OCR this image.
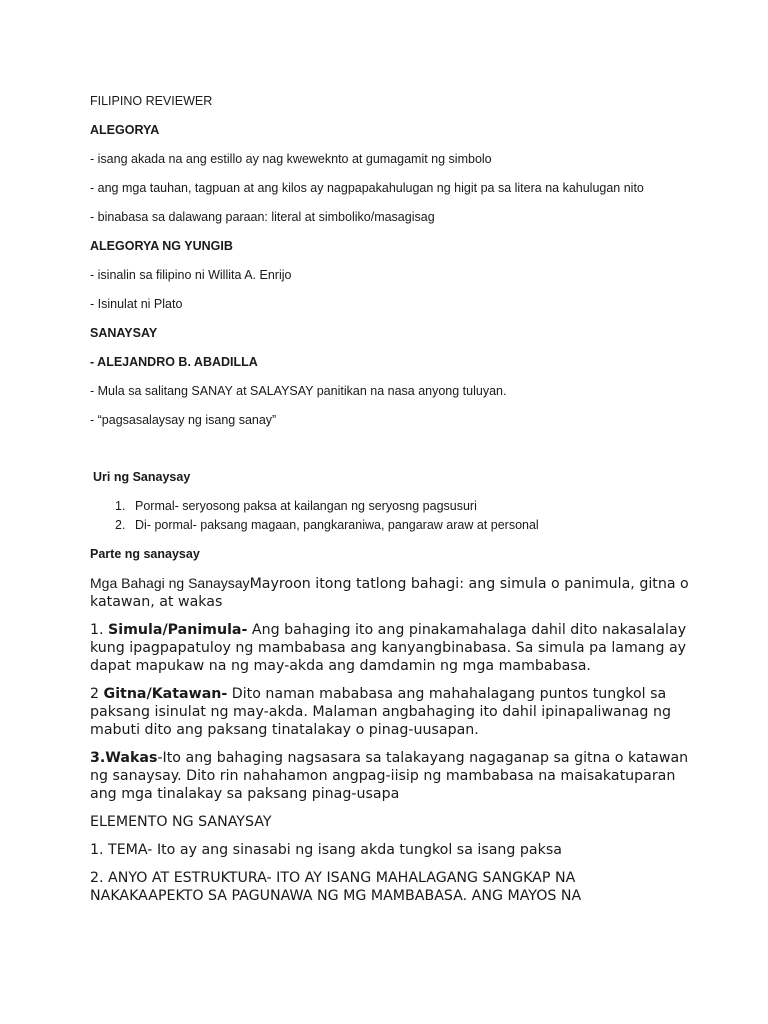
FILIPINO REVIEWER

ALEGORYA

- isang akada na ang estillo ay nag kweweknto at gumagamit ng simbolo

- ang mga tauhan, tagpuan at ang kilos ay nagpapakahulugan ng higit pa sa litera na kahulugan nito

- binabasa sa dalawang paraan: literal at simboliko/masagisag

ALEGORYA NG YUNGIB

- isinalin sa filipino ni Willita A. Enrijo

- Isinulat ni Plato

SANAYSAY

- ALEJANDRO B. ABADILLA

- Mula sa salitang SANAY at SALAYSAY panitikan na nasa anyong tuluyan.

- “pagsasalaysay ng isang sanay”

Uri ng Sanaysay

1. Pormal- seryosong paksa at kailangan ng seryosng pagsusuri
2. Di- pormal- paksang magaan, pangkaraniwa, pangaraw araw at personal

Parte ng sanaysay

Mga Bahagi ng SanaysayMayroon itong tatlong bahagi: ang simula o panimula, gitna o katawan, at wakas

1. Simula/Panimula- Ang bahaging ito ang pinakamahalaga dahil dito nakasalalay kung ipagpapatuloy ng mambabasa ang kanyangbinabasa. Sa simula pa lamang ay dapat mapukaw na ng may-akda ang damdamin ng mga mambabasa.

2 Gitna/Katawan- Dito naman mababasa ang mahahalagang puntos tungkol sa paksang isinulat ng may-akda. Malaman angbahaging ito dahil ipinapaliwanag ng mabuti dito ang paksang tinatalakay o pinag-uusapan.

3.Wakas-Ito ang bahaging nagsasara sa talakayang nagaganap sa gitna o katawan ng sanaysay. Dito rin nahahamon angpag-iisip ng mambabasa na maisakatuparan ang mga tinalakay sa paksang pinag-usapa

ELEMENTO NG SANAYSAY

1. TEMA- Ito ay ang sinasabi ng isang akda tungkol sa isang paksa

2. ANYO AT ESTRUKTURA- ITO AY ISANG MAHALAGANG SANGKAP NA NAKAKAAPEKTO SA PAGUNAWA NG MG MAMBABASA. ANG MAYOS NA
